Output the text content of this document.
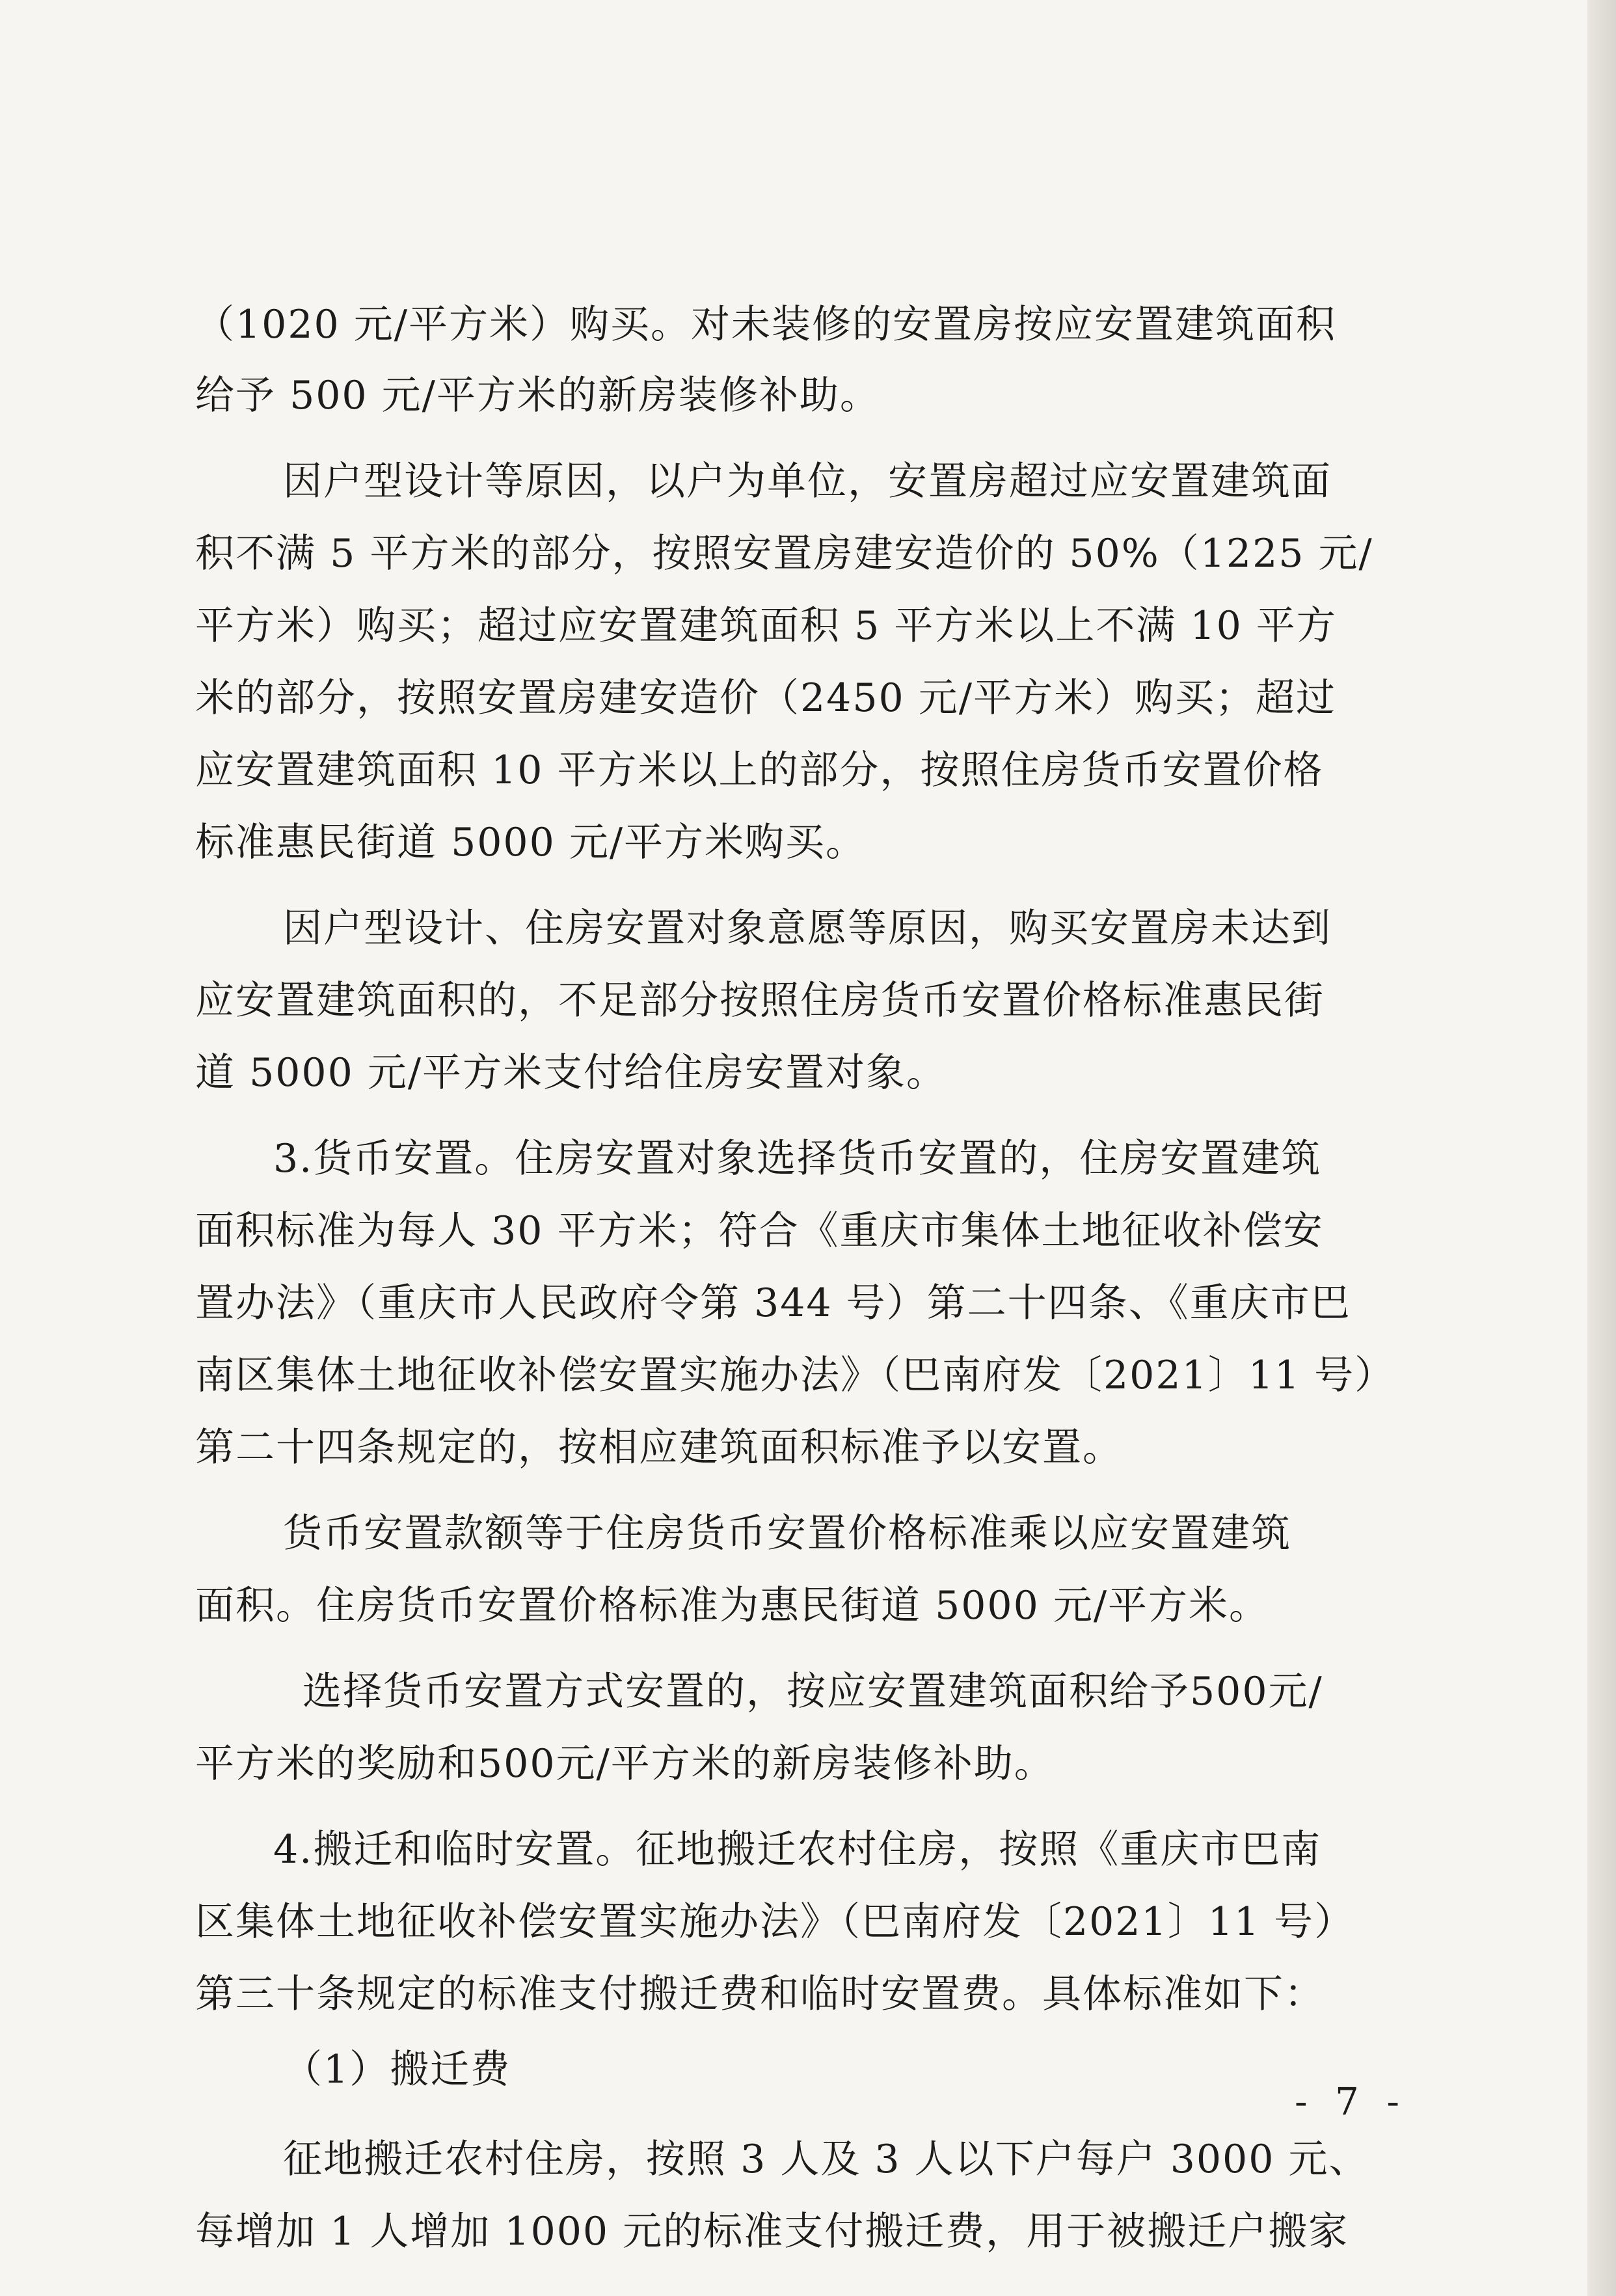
（1020 元/平方米）购买。对未装修的安置房按应安置建筑面积
给予 500 元/平方米的新房装修补助。
因户型设计等原因，以户为单位，安置房超过应安置建筑面
积不满 5 平方米的部分，按照安置房建安造价的 50%（1225 元/
平方米）购买；超过应安置建筑面积 5 平方米以上不满 10 平方
米的部分，按照安置房建安造价（2450 元/平方米）购买；超过
应安置建筑面积 10 平方米以上的部分，按照住房货币安置价格
标准惠民街道 5000 元/平方米购买。
因户型设计、住房安置对象意愿等原因，购买安置房未达到
应安置建筑面积的，不足部分按照住房货币安置价格标准惠民街
道 5000 元/平方米支付给住房安置对象。
3.货币安置。住房安置对象选择货币安置的，住房安置建筑
面积标准为每人 30 平方米；符合《重庆市集体土地征收补偿安
置办法》（重庆市人民政府令第 344 号）第二十四条、《重庆市巴
南区集体土地征收补偿安置实施办法》（巴南府发〔2021〕11 号）
第二十四条规定的，按相应建筑面积标准予以安置。
货币安置款额等于住房货币安置价格标准乘以应安置建筑
面积。住房货币安置价格标准为惠民街道 5000 元/平方米。
选择货币安置方式安置的，按应安置建筑面积给予500元/
平方米的奖励和500元/平方米的新房装修补助。
4.搬迁和临时安置。征地搬迁农村住房，按照《重庆市巴南
区集体土地征收补偿安置实施办法》（巴南府发〔2021〕11 号）
第三十条规定的标准支付搬迁费和临时安置费。具体标准如下：
（1）搬迁费
征地搬迁农村住房，按照 3 人及 3 人以下户每户 3000 元、
每增加 1 人增加 1000 元的标准支付搬迁费，用于被搬迁户搬家
- 7 -
